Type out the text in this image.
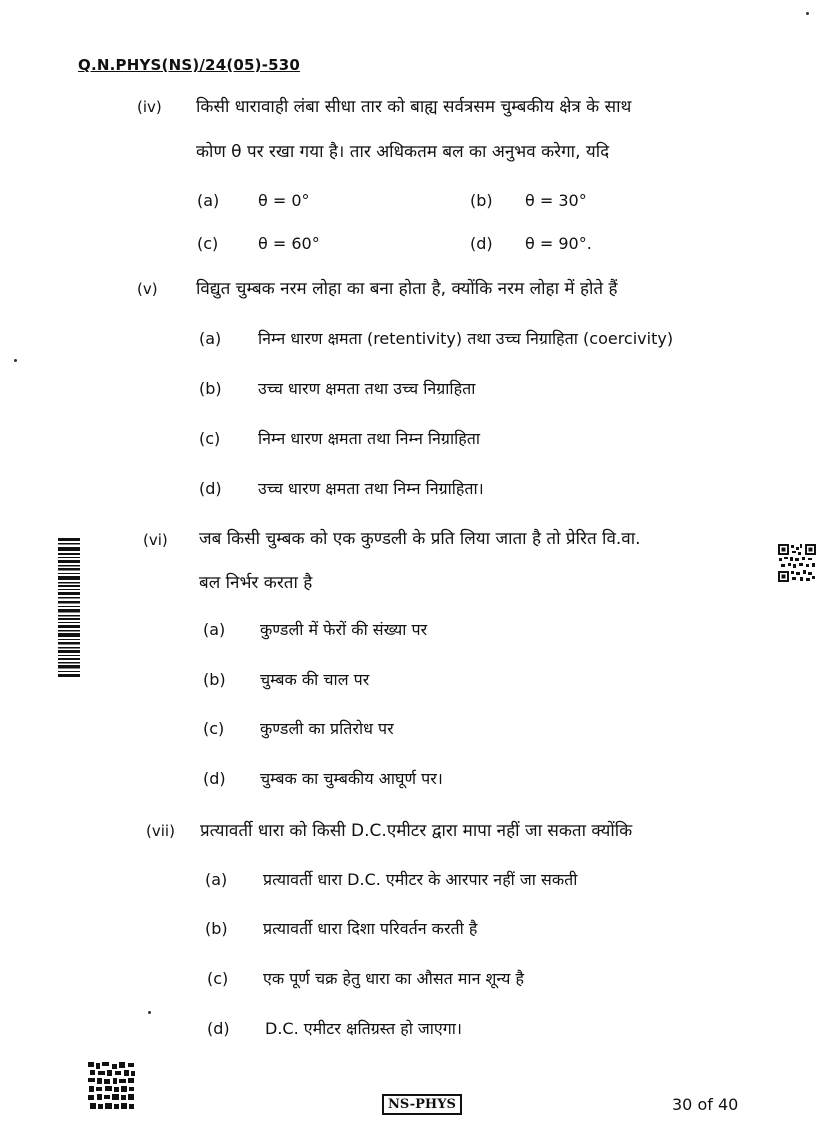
Q.N.PHYS(NS)/24(05)-530
(iv) किसी धारावाही लंबा सीधा तार को बाह्य सर्वत्रसम चुम्बकीय क्षेत्र के साथ
कोण θ पर रखा गया है। तार अधिकतम बल का अनुभव करेगा, यदि
(a) θ = 0°	(b) θ = 30°
(c) θ = 60°	(d) θ = 90°.
(v) विद्युत चुम्बक नरम लोहा का बना होता है, क्योंकि नरम लोहा में होते हैं
(a) निम्न धारण क्षमता (retentivity) तथा उच्च निग्राहिता (coercivity)
(b) उच्च धारण क्षमता तथा उच्च निग्राहिता
(c) निम्न धारण क्षमता तथा निम्न निग्राहिता
(d) उच्च धारण क्षमता तथा निम्न निग्राहिता।
(vi) जब किसी चुम्बक को एक कुण्डली के प्रति लिया जाता है तो प्रेरित वि.वा.
बल निर्भर करता है
(a) कुण्डली में फेरों की संख्या पर
(b) चुम्बक की चाल पर
(c) कुण्डली का प्रतिरोध पर
(d) चुम्बक का चुम्बकीय आघूर्ण पर।
(vii) प्रत्यावर्ती धारा को किसी D.C.एमीटर द्वारा मापा नहीं जा सकता क्योंकि
(a) प्रत्यावर्ती धारा D.C. एमीटर के आरपार नहीं जा सकती
(b) प्रत्यावर्ती धारा दिशा परिवर्तन करती है
(c) एक पूर्ण चक्र हेतु धारा का औसत मान शून्य है
(d) D.C. एमीटर क्षतिग्रस्त हो जाएगा।
NS-PHYS	30 of 40
